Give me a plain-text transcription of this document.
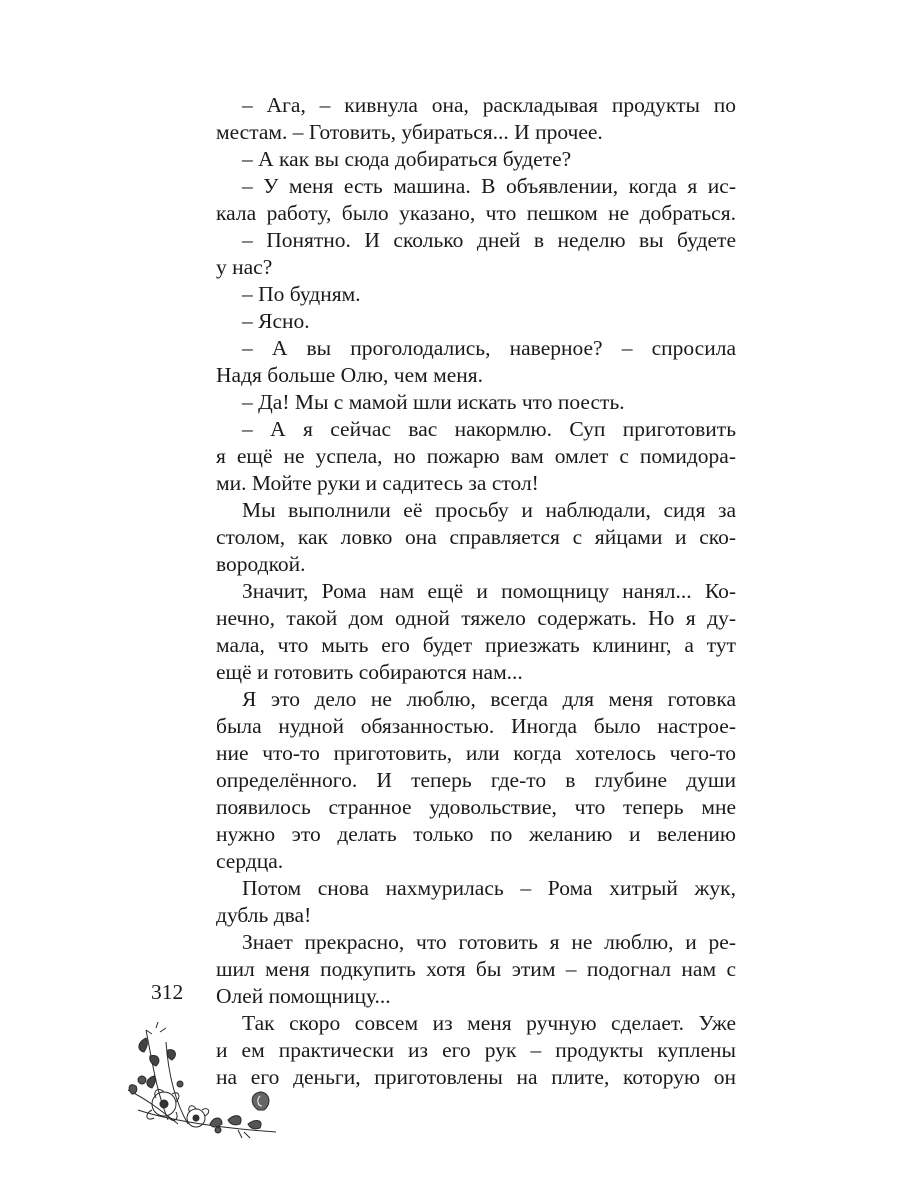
– Ага, – кивнула она, раскладывая продукты по
местам. – Готовить, убираться... И прочее.
– А как вы сюда добираться будете?
– У меня есть машина. В объявлении, когда я ис-
кала работу, было указано, что пешком не добраться.
– Понятно. И сколько дней в неделю вы будете
у нас?
– По будням.
– Ясно.
– А вы проголодались, наверное? – спросила
Надя больше Олю, чем меня.
– Да! Мы с мамой шли искать что поесть.
– А я сейчас вас накормлю. Суп приготовить
я ещё не успела, но пожарю вам омлет с помидора-
ми. Мойте руки и садитесь за стол!
Мы выполнили её просьбу и наблюдали, сидя за
столом, как ловко она справляется с яйцами и ско-
вородкой.
Значит, Рома нам ещё и помощницу нанял... Ко-
нечно, такой дом одной тяжело содержать. Но я ду-
мала, что мыть его будет приезжать клининг, а тут
ещё и готовить собираются нам...
Я это дело не люблю, всегда для меня готовка
была нудной обязанностью. Иногда было настрое-
ние что-то приготовить, или когда хотелось чего-то
определённого. И теперь где-то в глубине души
появилось странное удовольствие, что теперь мне
нужно это делать только по желанию и велению
сердца.
Потом снова нахмурилась – Рома хитрый жук,
дубль два!
Знает прекрасно, что готовить я не люблю, и ре-
шил меня подкупить хотя бы этим – подогнал нам с
Олей помощницу...
Так скоро совсем из меня ручную сделает. Уже
и ем практически из его рук – продукты куплены
на его деньги, приготовлены на плите, которую он
312
